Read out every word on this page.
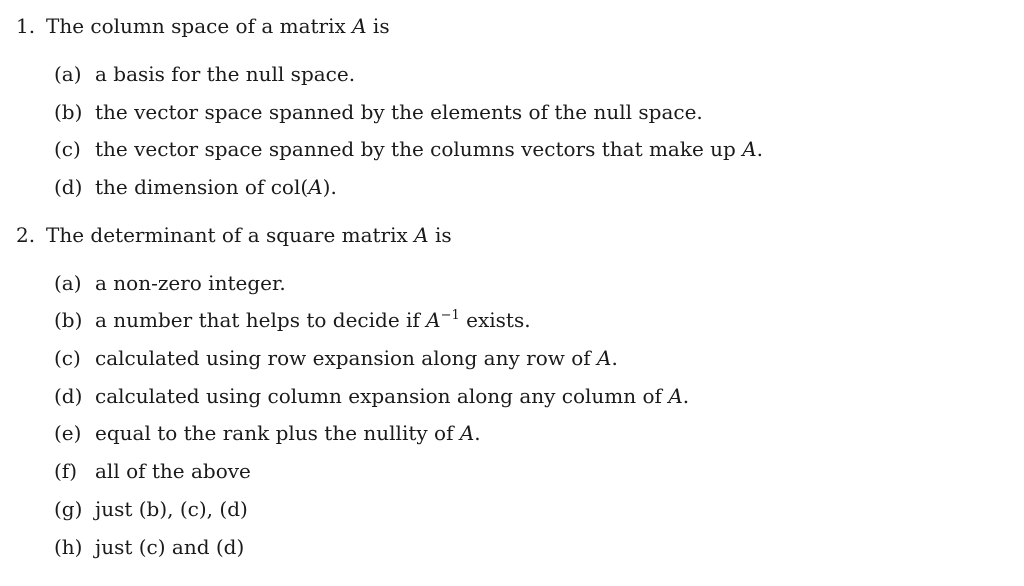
1. The column space of a matrix A is
(a) a basis for the null space.
(b) the vector space spanned by the elements of the null space.
(c) the vector space spanned by the columns vectors that make up A.
(d) the dimension of col(A).
2. The determinant of a square matrix A is
(a) a non-zero integer.
(b) a number that helps to decide if $A^{-1}$ exists.
(c) calculated using row expansion along any row of A.
(d) calculated using column expansion along any column of A.
(e) equal to the rank plus the nullity of A.
(f) all of the above
(g) just (b), (c), (d)
(h) just (c) and (d)
